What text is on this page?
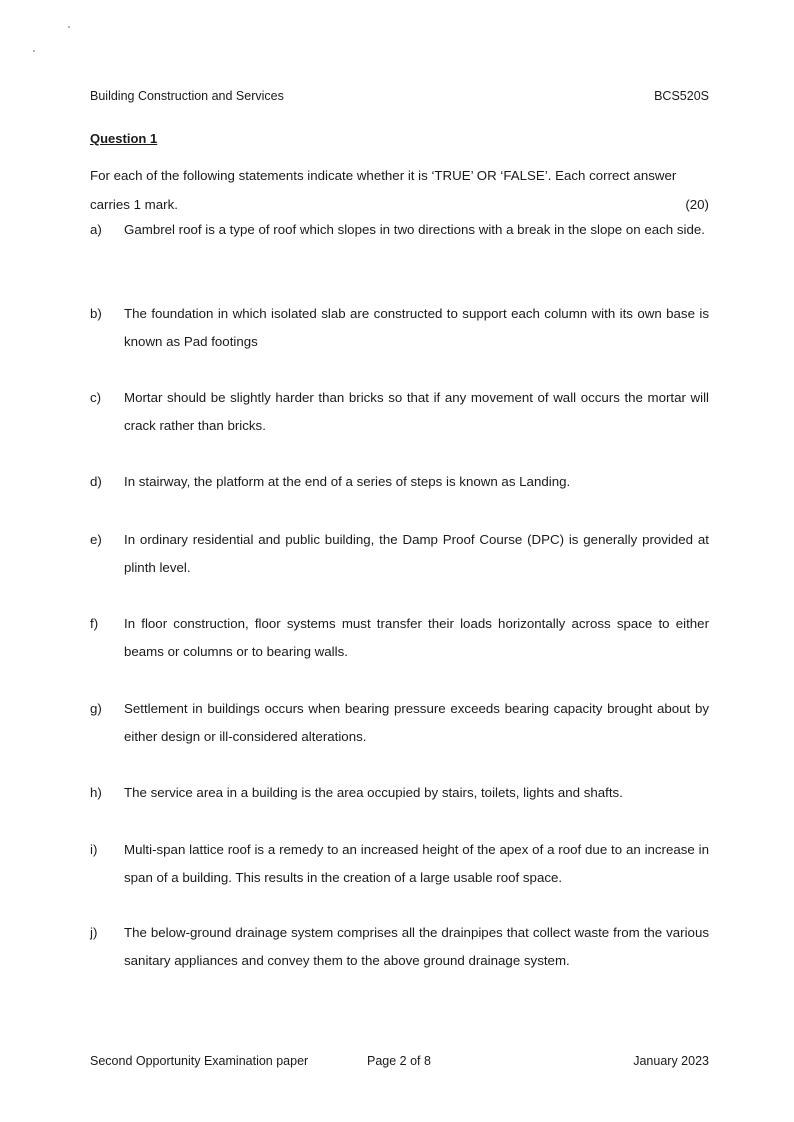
Building Construction and Services	BCS520S
Question 1
For each of the following statements indicate whether it is ‘TRUE’ OR ‘FALSE’. Each correct answer
carries 1 mark.	(20)
a)	Gambrel roof is a type of roof which slopes in two directions with a break in the slope on each side.
b)	The foundation in which isolated slab are constructed to support each column with its own base is known as Pad footings
c)	Mortar should be slightly harder than bricks so that if any movement of wall occurs the mortar will crack rather than bricks.
d)	In stairway, the platform at the end of a series of steps is known as Landing.
e)	In ordinary residential and public building, the Damp Proof Course (DPC) is generally provided at plinth level.
f)	In floor construction, floor systems must transfer their loads horizontally across space to either beams or columns or to bearing walls.
g)	Settlement in buildings occurs when bearing pressure exceeds bearing capacity brought about by either design or ill-considered alterations.
h)	The service area in a building is the area occupied by stairs, toilets, lights and shafts.
i)	Multi-span lattice roof is a remedy to an increased height of the apex of a roof due to an increase in span of a building. This results in the creation of a large usable roof space.
j)	The below-ground drainage system comprises all the drainpipes that collect waste from the various sanitary appliances and convey them to the above ground drainage system.
Second Opportunity Examination paper	Page 2 of 8	January 2023
